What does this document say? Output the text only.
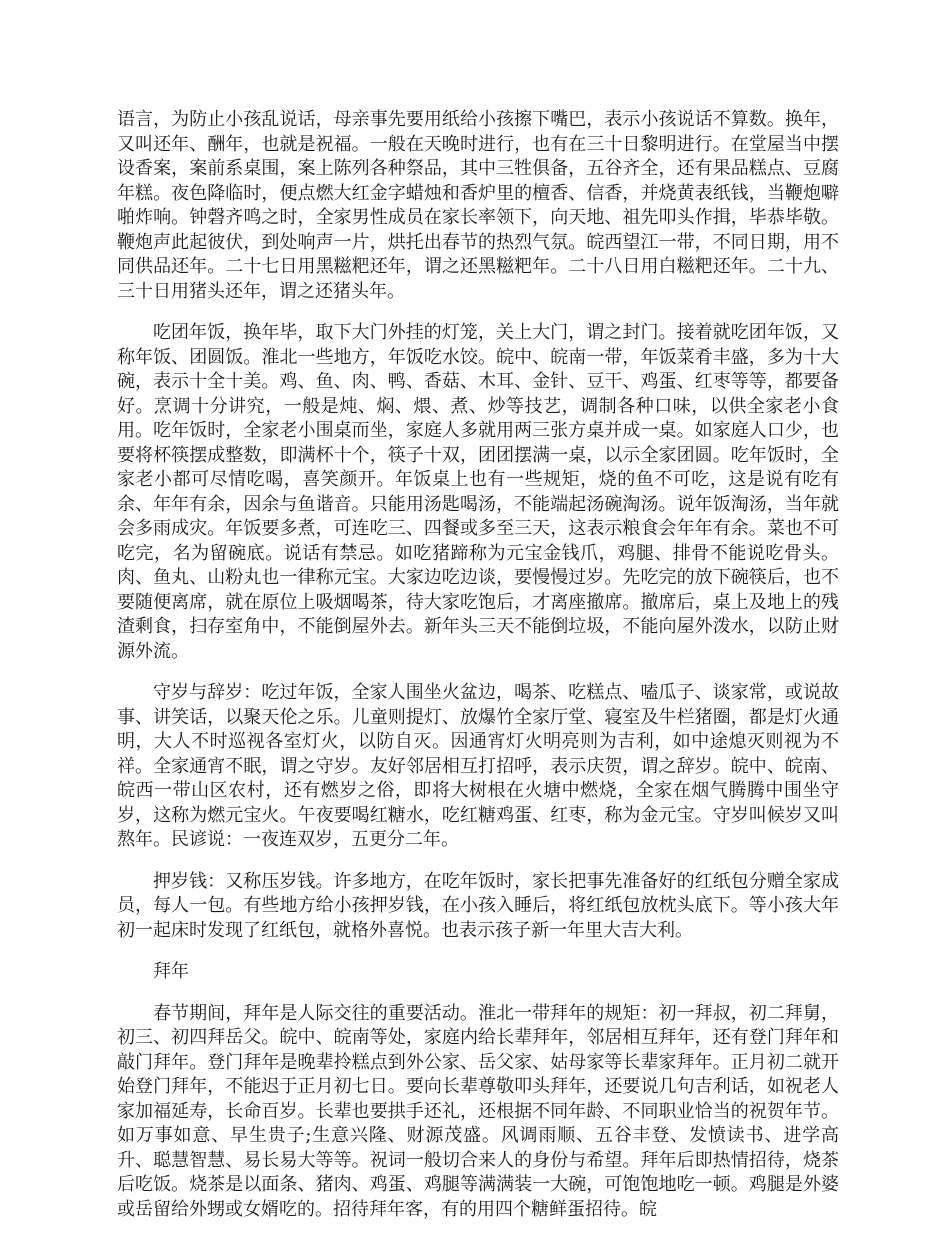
语言，为防止小孩乱说话，母亲事先要用纸给小孩擦下嘴巴，表示小孩说话不算数。换年，又叫还年、酬年，也就是祝福。一般在天晚时进行，也有在三十日黎明进行。在堂屋当中摆设香案，案前系桌围，案上陈列各种祭品，其中三牲俱备，五谷齐全，还有果品糕点、豆腐年糕。夜色降临时，便点燃大红金字蜡烛和香炉里的檀香、信香，并烧黄表纸钱，当鞭炮噼啪炸响。钟磬齐鸣之时，全家男性成员在家长率领下，向天地、祖先叩头作揖，毕恭毕敬。鞭炮声此起彼伏，到处响声一片，烘托出春节的热烈气氛。皖西望江一带，不同日期，用不同供品还年。二十七日用黑糍粑还年，谓之还黑糍粑年。二十八日用白糍粑还年。二十九、三十日用猪头还年，谓之还猪头年。

吃团年饭，换年毕，取下大门外挂的灯笼，关上大门，谓之封门。接着就吃团年饭，又称年饭、团圆饭。淮北一些地方，年饭吃水饺。皖中、皖南一带，年饭菜肴丰盛，多为十大碗，表示十全十美。鸡、鱼、肉、鸭、香菇、木耳、金针、豆干、鸡蛋、红枣等等，都要备好。烹调十分讲究，一般是炖、焖、煨、煮、炒等技艺，调制各种口味，以供全家老小食用。吃年饭时，全家老小围桌而坐，家庭人多就用两三张方桌并成一桌。如家庭人口少，也要将杯筷摆成整数，即满杯十个，筷子十双，团团摆满一桌，以示全家团圆。吃年饭时，全家老小都可尽情吃喝，喜笑颜开。年饭桌上也有一些规矩，烧的鱼不可吃，这是说有吃有余、年年有余，因余与鱼谐音。只能用汤匙喝汤，不能端起汤碗淘汤。说年饭淘汤，当年就会多雨成灾。年饭要多煮，可连吃三、四餐或多至三天，这表示粮食会年年有余。菜也不可吃完，名为留碗底。说话有禁忌。如吃猪蹄称为元宝金钱爪，鸡腿、排骨不能说吃骨头。肉、鱼丸、山粉丸也一律称元宝。大家边吃边谈，要慢慢过岁。先吃完的放下碗筷后，也不要随便离席，就在原位上吸烟喝茶，待大家吃饱后，才离座撤席。撤席后，桌上及地上的残渣剩食，扫存室角中，不能倒屋外去。新年头三天不能倒垃圾，不能向屋外泼水，以防止财源外流。

守岁与辞岁：吃过年饭，全家人围坐火盆边，喝茶、吃糕点、嗑瓜子、谈家常，或说故事、讲笑话，以聚天伦之乐。儿童则提灯、放爆竹全家厅堂、寝室及牛栏猪圈，都是灯火通明，大人不时巡视各室灯火，以防自灭。因通宵灯火明亮则为吉利，如中途熄灭则视为不祥。全家通宵不眠，谓之守岁。友好邻居相互打招呼，表示庆贺，谓之辞岁。皖中、皖南、皖西一带山区农村，还有燃岁之俗，即将大树根在火塘中燃烧，全家在烟气腾腾中围坐守岁，这称为燃元宝火。午夜要喝红糖水，吃红糖鸡蛋、红枣，称为金元宝。守岁叫候岁又叫熬年。民谚说：一夜连双岁，五更分二年。

押岁钱：又称压岁钱。许多地方，在吃年饭时，家长把事先准备好的红纸包分赠全家成员，每人一包。有些地方给小孩押岁钱，在小孩入睡后，将红纸包放枕头底下。等小孩大年初一起床时发现了红纸包，就格外喜悦。也表示孩子新一年里大吉大利。

拜年

春节期间，拜年是人际交往的重要活动。淮北一带拜年的规矩：初一拜叔，初二拜舅，初三、初四拜岳父。皖中、皖南等处，家庭内给长辈拜年，邻居相互拜年，还有登门拜年和敲门拜年。登门拜年是晚辈拎糕点到外公家、岳父家、姑母家等长辈家拜年。正月初二就开始登门拜年，不能迟于正月初七日。要向长辈尊敬叩头拜年，还要说几句吉利话，如祝老人家加福延寿，长命百岁。长辈也要拱手还礼，还根据不同年龄、不同职业恰当的祝贺年节。如万事如意、早生贵子;生意兴隆、财源茂盛。风调雨顺、五谷丰登、发愤读书、进学高升、聪慧智慧、易长易大等等。祝词一般切合来人的身份与希望。拜年后即热情招待，烧茶后吃饭。烧茶是以面条、猪肉、鸡蛋、鸡腿等满满装一大碗，可饱饱地吃一顿。鸡腿是外婆或岳留给外甥或女婿吃的。招待拜年客，有的用四个糖鲜蛋招待。皖
